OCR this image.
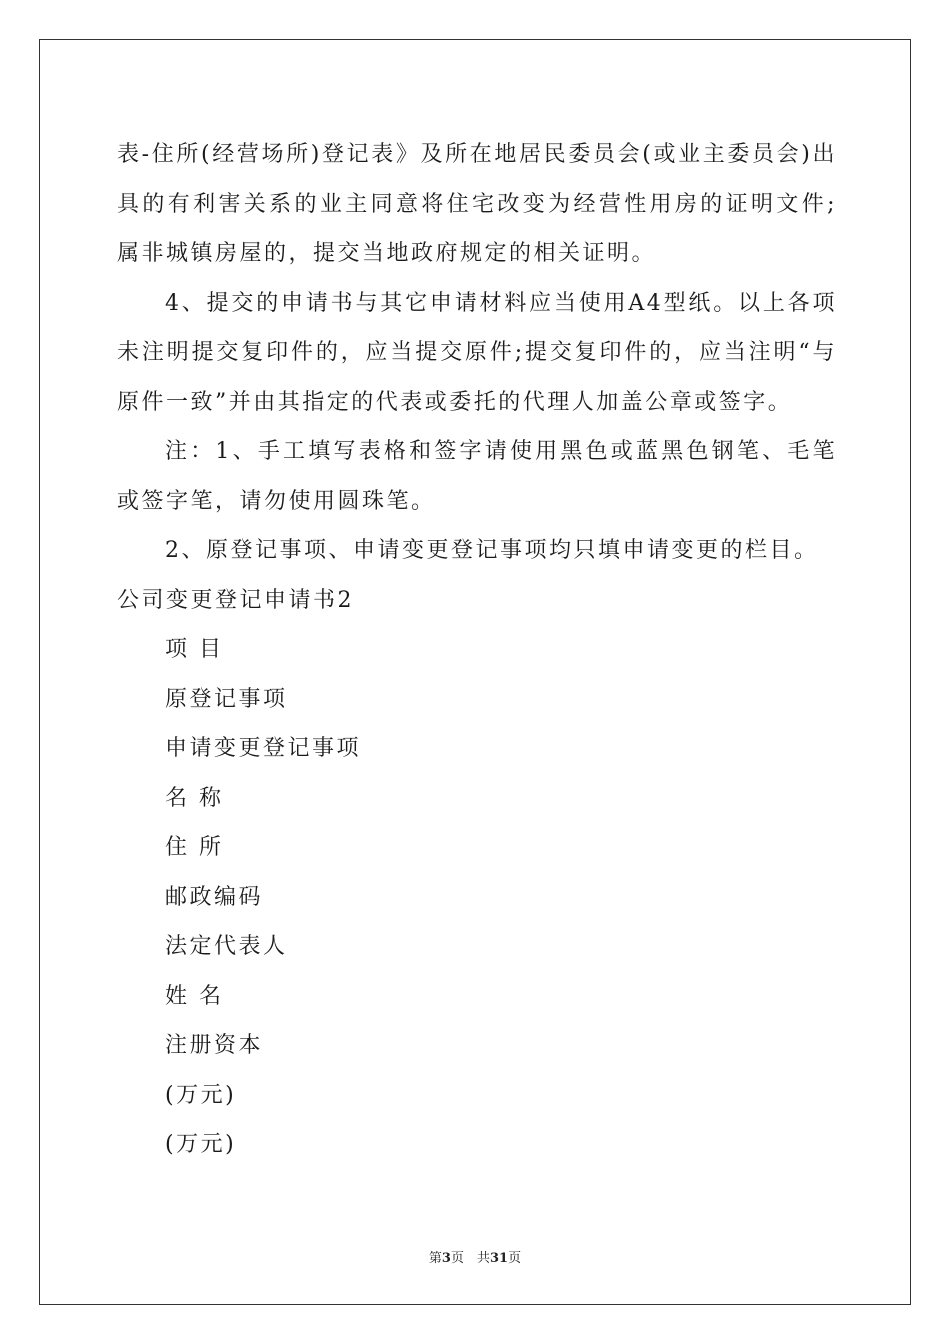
表-住所(经营场所)登记表》及所在地居民委员会(或业主委员会)出具的有利害关系的业主同意将住宅改变为经营性用房的证明文件;属非城镇房屋的，提交当地政府规定的相关证明。

4、提交的申请书与其它申请材料应当使用A4型纸。以上各项未注明提交复印件的，应当提交原件;提交复印件的，应当注明“与原件一致”并由其指定的代表或委托的代理人加盖公章或签字。

注：1、手工填写表格和签字请使用黑色或蓝黑色钢笔、毛笔或签字笔，请勿使用圆珠笔。

2、原登记事项、申请变更登记事项均只填申请变更的栏目。

公司变更登记申请书2

项 目

原登记事项

申请变更登记事项

名 称

住 所

邮政编码

法定代表人

姓 名

注册资本

(万元)

(万元)

第3页　共31页
